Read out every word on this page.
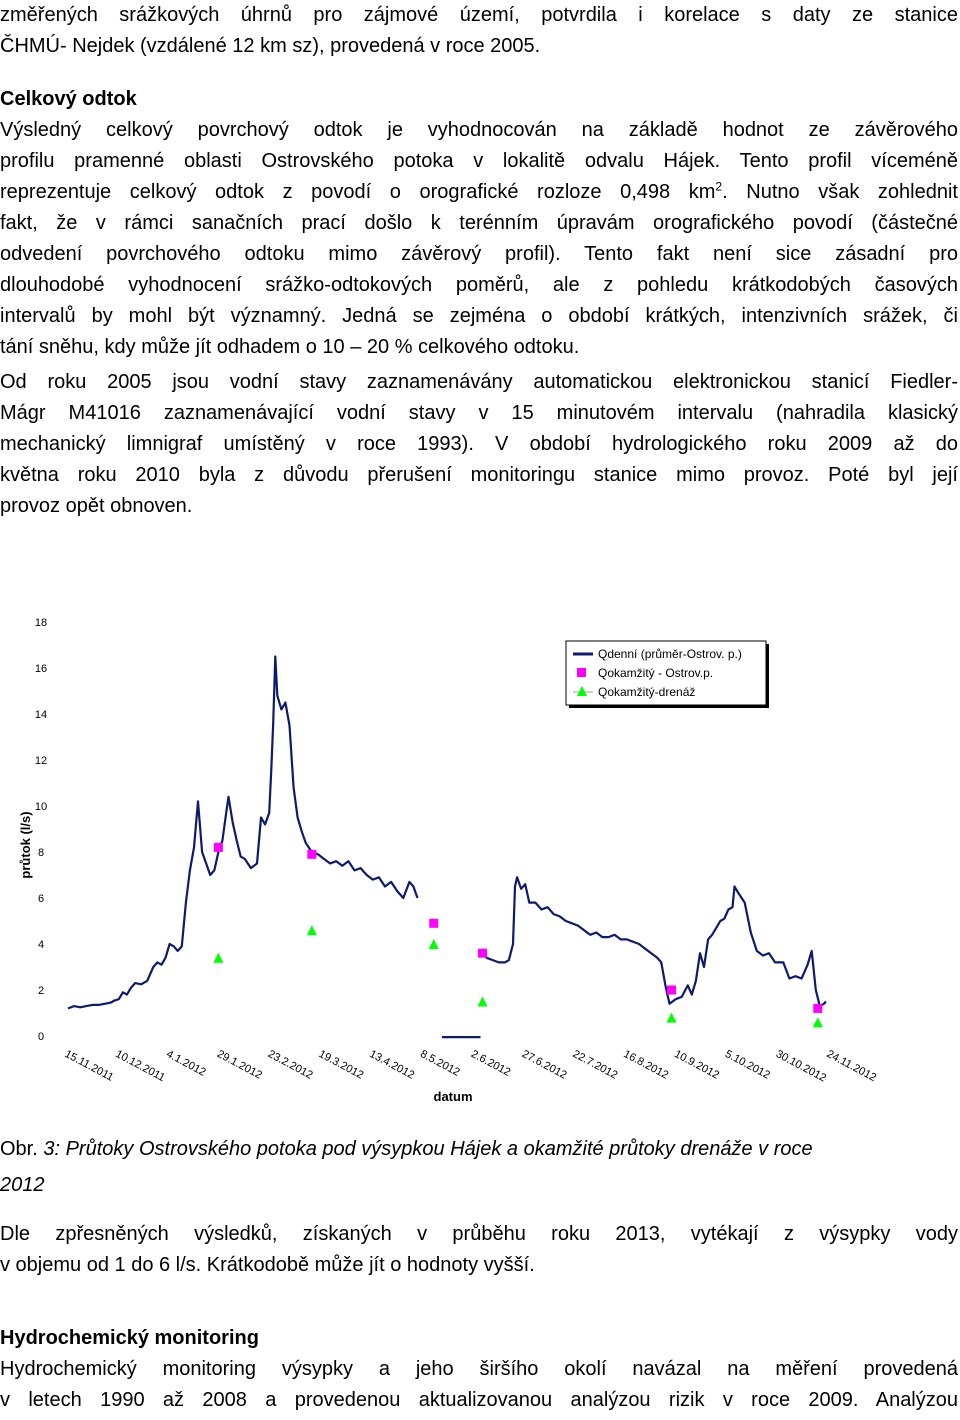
změřených srážkových úhrnů pro zájmové území, potvrdila i korelace s daty ze stanice
ČHMÚ- Nejdek (vzdálené 12 km sz), provedená v roce 2005.
Celkový odtok
Výsledný celkový povrchový odtok je vyhodnocován na základě hodnot ze závěrového
profilu pramenné oblasti Ostrovského potoka v lokalitě odvalu Hájek. Tento profil víceméně
reprezentuje celkový odtok z povodí o orografické rozloze 0,498 $km^2$. Nutno však zohlednit
fakt, že v rámci sanačních prací došlo k terénním úpravám orografického povodí (částečné
odvedení povrchového odtoku mimo závěrový profil). Tento fakt není sice zásadní pro
dlouhodobé vyhodnocení srážko-odtokových poměrů, ale z pohledu krátkodobých časových
intervalů by mohl být významný. Jedná se zejména o období krátkých, intenzivních srážek, či
tání sněhu, kdy může jít odhadem o 10 – 20 % celkového odtoku.
Od roku 2005 jsou vodní stavy zaznamenávány automatickou elektronickou stanicí Fiedler-
Mágr M41016 zaznamenávající vodní stavy v 15 minutovém intervalu (nahradila klasický
mechanický limnigraf umístěný v roce 1993). V období hydrologického roku 2009 až do
května roku 2010 byla z důvodu přerušení monitoringu stanice mimo provoz. Poté byl její
provoz opět obnoven.
0
2
4
6
8
10
12
14
16
18
15.11.2011
10.12.2011
4.1.2012 29.1.2012 23.2.2012 19.3.2012 13.4.2012 8.5.2012 2.6.2012 27.6.2012 22.7.2012 16.8.2012 10.9.2012 5.10.2012 30.10.2012
24.11.2012
průtok (l/s)
datum
Qdenní (průměr-Ostrov. p.)
Qokamžitý - Ostrov.p.
Qokamžitý-drenáž
Obr. 3: Průtoky Ostrovského potoka pod výsypkou Hájek a okamžité průtoky drenáže v roce
2012
Dle zpřesněných výsledků, získaných v průběhu roku 2013, vytékají z výsypky vody
v objemu od 1 do 6 l/s. Krátkodobě může jít o hodnoty vyšší.
Hydrochemický monitoring
Hydrochemický monitoring výsypky a jeho širšího okolí navázal na měření provedená
v letech 1990 až 2008 a provedenou aktualizovanou analýzou rizik v roce 2009. Analýzou
